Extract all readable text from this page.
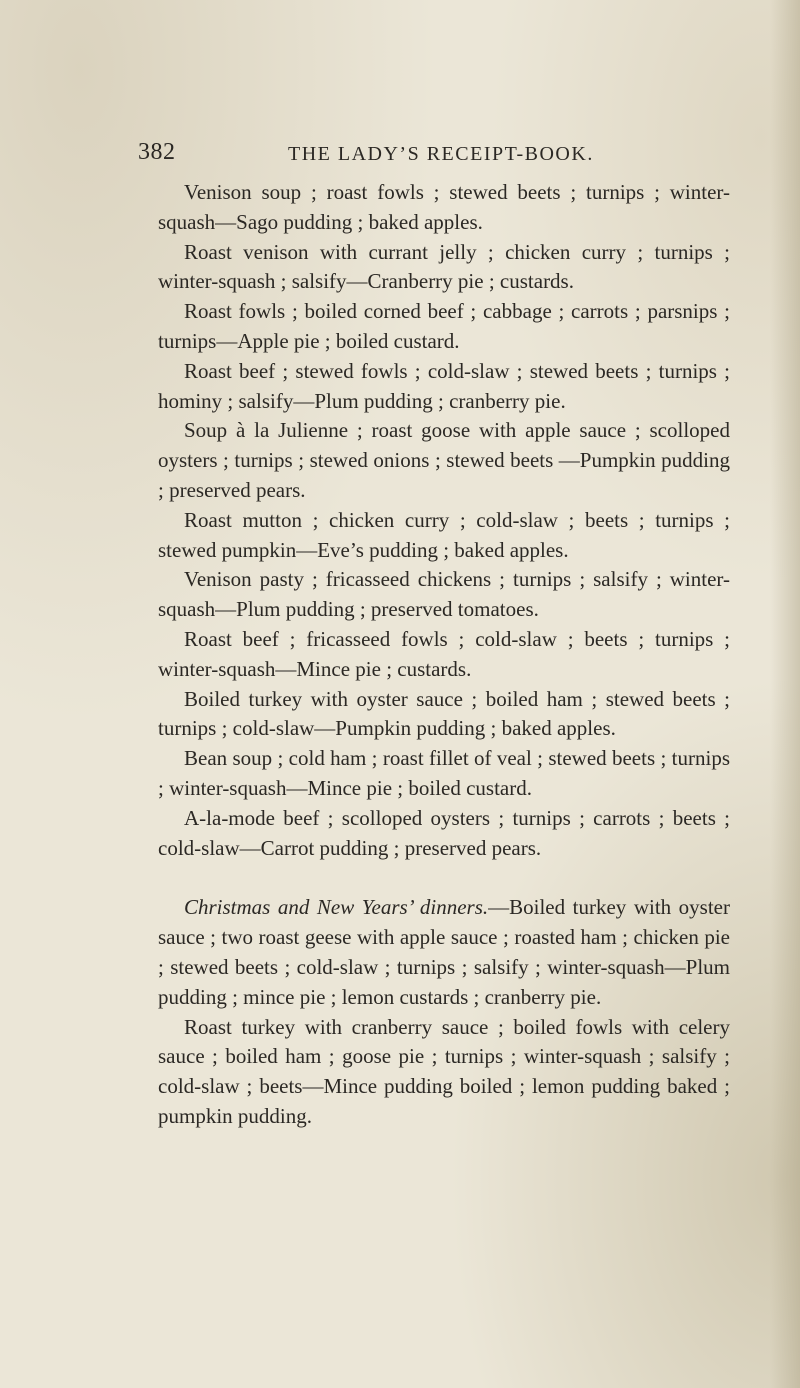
382	THE LADY’S RECEIPT-BOOK.

Venison soup ; roast fowls ; stewed beets ; turnips ; winter-squash—Sago pudding ; baked apples.

Roast venison with currant jelly ; chicken curry ; turnips ; winter-squash ; salsify—Cranberry pie ; custards.

Roast fowls ; boiled corned beef ; cabbage ; carrots ; parsnips ; turnips—Apple pie ; boiled custard.

Roast beef ; stewed fowls ; cold-slaw ; stewed beets ; turnips ; hominy ; salsify—Plum pudding ; cranberry pie.

Soup à la Julienne ; roast goose with apple sauce ; scolloped oysters ; turnips ; stewed onions ; stewed beets —Pumpkin pudding ; preserved pears.

Roast mutton ; chicken curry ; cold-slaw ; beets ; turnips ; stewed pumpkin—Eve’s pudding ; baked apples.

Venison pasty ; fricasseed chickens ; turnips ; salsify ; winter-squash—Plum pudding ; preserved tomatoes.

Roast beef ; fricasseed fowls ; cold-slaw ; beets ; turnips ; winter-squash—Mince pie ; custards.

Boiled turkey with oyster sauce ; boiled ham ; stewed beets ; turnips ; cold-slaw—Pumpkin pudding ; baked apples.

Bean soup ; cold ham ; roast fillet of veal ; stewed beets ; turnips ; winter-squash—Mince pie ; boiled custard.

A-la-mode beef ; scolloped oysters ; turnips ; carrots ; beets ; cold-slaw—Carrot pudding ; preserved pears.

Christmas and New Years’ dinners.—Boiled turkey with oyster sauce ; two roast geese with apple sauce ; roasted ham ; chicken pie ; stewed beets ; cold-slaw ; turnips ; salsify ; winter-squash—Plum pudding ; mince pie ; lemon custards ; cranberry pie.

Roast turkey with cranberry sauce ; boiled fowls with celery sauce ; boiled ham ; goose pie ; turnips ; winter-squash ; salsify ; cold-slaw ; beets—Mince pudding boiled ; lemon pudding baked ; pumpkin pudding.
